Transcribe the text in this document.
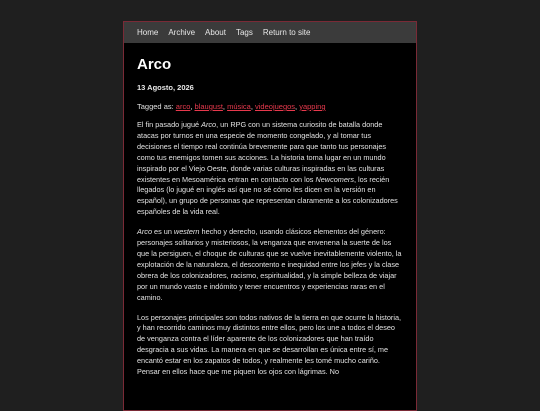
Home Archive About Tags Return to site
Arco
13 Agosto, 2026
Tagged as: arco, blaugust, música, videojuegos, yapping

El fin pasado jugué Arco, un RPG con un sistema curiosito de batalla donde atacas por turnos en una especie de momento congelado, y al tomar tus decisiones el tiempo real continúa brevemente para que tanto tus personajes como tus enemigos tomen sus acciones. La historia toma lugar en un mundo inspirado por el Viejo Oeste, donde varias culturas inspiradas en las culturas existentes en Mesoamérica entran en contacto con los Newcomers, los recién llegados (lo jugué en inglés así que no sé cómo les dicen en la versión en español), un grupo de personas que representan claramente a los colonizadores españoles de la vida real.

Arco es un western hecho y derecho, usando clásicos elementos del género: personajes solitarios y misteriosos, la venganza que envenena la suerte de los que la persiguen, el choque de culturas que se vuelve inevitablemente violento, la explotación de la naturaleza, el descontento e inequidad entre los jefes y la clase obrera de los colonizadores, racismo, espiritualidad, y la simple belleza de viajar por un mundo vasto e indómito y tener encuentros y experiencias raras en el camino.

Los personajes principales son todos nativos de la tierra en que ocurre la historia, y han recorrido caminos muy distintos entre ellos, pero los une a todos el deseo de venganza contra el líder aparente de los colonizadores que han traído desgracia a sus vidas. La manera en que se desarrollan es única entre sí, me encantó estar en los zapatos de todos, y realmente les tomé mucho cariño. Pensar en ellos hace que me piquen los ojos con lágrimas. No
